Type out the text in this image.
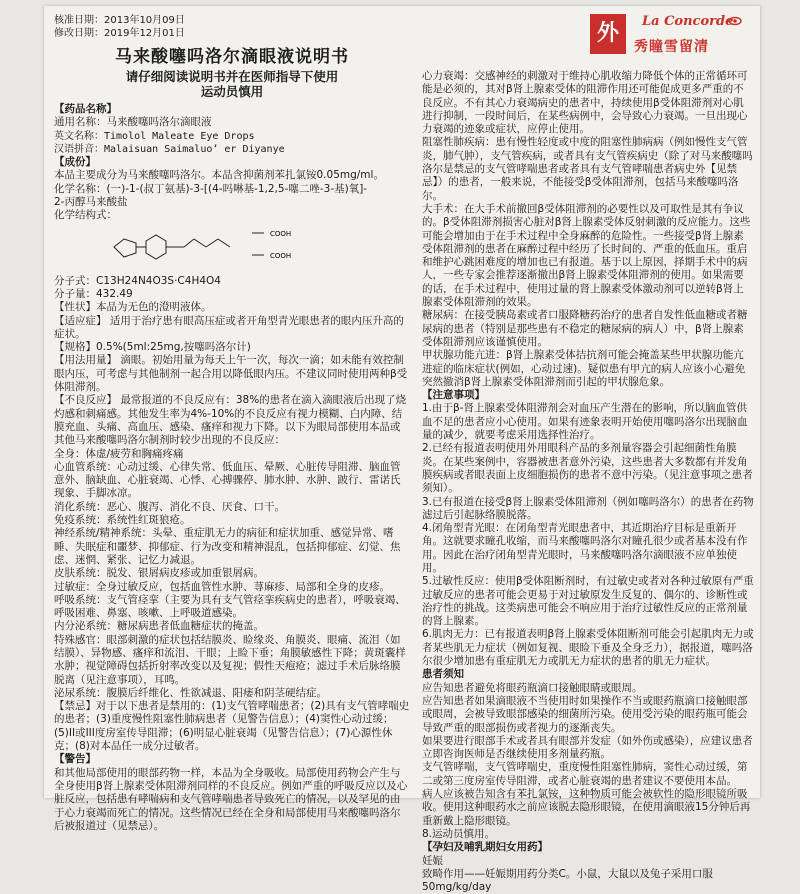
外	La Concorde
秀瞳雪留清
核准日期：2013年10月09日
修改日期：2019年12月01日
马来酸噻吗洛尔滴眼液说明书
请仔细阅读说明书并在医师指导下使用
运动员慎用
【药品名称】
通用名称：马来酸噻吗洛尔滴眼液
英文名称：Timolol Maleate Eye Drops
汉语拼音：Malaisuan Saimaluo’ er Diyanye
【成份】
本品主要成分为马来酸噻吗洛尔。本品含抑菌剂苯扎氯铵0.05mg/ml。
化学名称：(一)-1-(叔丁氨基)-3-[(4-吗啉基-1,2,5-噻二唑-3-基)氧]-
2-丙醇马来酸盐
化学结构式：
COOH
COOH
分子式：C13H24N4O3S·C4H4O4
分子量：432.49
【性状】本品为无色的澄明液体。
【适应症】 适用于治疗患有眼高压症或者开角型青光眼患者的眼内压升高的症状。
【规格】0.5%(5ml:25mg,按噻吗洛尔计)
【用法用量】 滴眼。初始用量为每天上午一次，每次一滴；如未能有效控制眼内压，可考虑与其他制剂一起合用以降低眼内压。不建议同时使用两种β受体阻滞剂。
【不良反应】 最常报道的不良反应有：38%的患者在滴入滴眼液后出现了烧灼感和刺痛感。其他发生率为4%-10%的不良反应有视力模糊、白内障、结膜充血、头痛、高血压、感染、瘙痒和视力下降。以下为眼局部使用本品或其他马来酸噻吗洛尔制剂时较少出现的不良反应：
全身：体虚/疲劳和胸痛疼痛
心血管系统：心动过缓、心律失常、低血压、晕厥、心脏传导阻滞、脑血管意外、脑缺血、心脏衰竭、心悸、心搏骤停、肺水肿、水肿、跛行、雷诺氏现象、手脚冰凉。
消化系统：恶心、腹泻、消化不良、厌食、口干。
免疫系统：系统性红斑狼疮。
神经系统/精神系统：头晕、重症肌无力的病征和症状加重、感觉异常、嗜睡、失眠症和噩梦、抑郁症、行为改变和精神混乱，包括抑郁症、幻觉、焦虑、迷惘、紧张、记忆力减退。
皮肤系统：脱发、银屑病皮疹或加重银屑病。
过敏症：全身过敏反应，包括血管性水肿、荨麻疹、局部和全身的皮疹。
呼吸系统：支气管痉挛（主要为具有支气管痉挛疾病史的患者），呼吸衰竭、呼吸困难、鼻塞、咳嗽、上呼吸道感染。
内分泌系统：糖尿病患者低血糖症状的掩盖。
特殊感官：眼部刺激的症状包括结膜炎、睑缘炎、角膜炎、眼痛、流泪（如结膜）、异物感、瘙痒和流泪、干眼；上睑下垂；角膜敏感性下降；黄斑囊样水肿；视觉障碍包括折射率改变以及复视；假性天疱疮；滤过手术后脉络膜脱离（见注意事项），耳鸣。
泌尿系统：腹膜后纤维化、性欲减退、阳痿和阴茎硬结症。
【禁忌】对于以下患者是禁用的：(1)支气管哮喘患者；(2)具有支气管哮喘史的患者；(3)重度慢性阻塞性肺病患者（见警告信息）；(4)窦性心动过缓；(5)II或III度房室传导阻滞；(6)明显心脏衰竭（见警告信息）；(7)心源性休克；(8)对本品任一成分过敏者。
【警告】
和其他局部使用的眼部药物一样，本品为全身吸收。局部使用药物会产生与全身使用β肾上腺素受体阻滞剂同样的不良反应。例如严重的呼吸反应以及心脏反应，包括患有哮喘病和支气管哮喘患者导致死亡的情况，以及罕见的由于心力衰竭而死亡的情况。这些情况已经在全身和局部使用马来酸噻吗洛尔后被报道过（见禁忌）。
心力衰竭：交感神经的刺激对于维持心肌收缩力降低个体的正常循环可能是必须的，其对β肾上腺素受体的阻滞作用还可能促成更多严重的不良反应。不有其心力衰竭病史的患者中，持续使用β受体阻滞剂对心肌进行抑制，一段时间后，在某些病例中，会导致心力衰竭。一旦出现心力衰竭的迹象或症状，应停止使用。
阻塞性肺疾病：患有慢性轻度或中度的阻塞性肺病病（例如慢性支气管炎，肺气肿），支气管疾病，或者具有支气管疾病史（除了对马来酸噻吗洛尔是禁忌的支气管哮喘患者或者具有支气管哮喘患者病史外【见禁忌】）的患者，一般来说，不能接受β受体阻滞剂，包括马来酸噻吗洛尔。
大手术：在大手术前撤回β受体阻滞剂的必要性以及可取性是其有争议的。β受体阻滞剂损害心脏对β肾上腺素受体反射刺激的反应能力。这些可能会增加由于在手术过程中全身麻醉的危险性。一些接受β肾上腺素受体阻滞剂的患者在麻醉过程中经历了长时间的、严重的低血压。重启和维护心跳困难度的增加也已有报道。基于以上原因，择期手术中的病人，一些专家会推荐逐渐撤出β肾上腺素受体阻滞剂的使用。如果需要的话，在手术过程中，使用过量的肾上腺素受体激动剂可以逆转β肾上腺素受体阻滞剂的效果。
糖尿病：在接受胰岛素或者口服降糖药治疗的患者自发性低血糖或者糖尿病的患者（特别是那些患有不稳定的糖尿病的病人）中，β肾上腺素受体阻滞剂应该谨慎使用。
甲状腺功能亢进：β肾上腺素受体拮抗剂可能会掩盖某些甲状腺功能亢进症的临床症状(例如，心动过速)。疑似患有甲亢的病人应该小心避免突然撤消β肾上腺素受体阻滞剂而引起的甲状腺危象。
【注意事项】
1.由于β-肾上腺素受体阻滞剂会对血压产生潜在的影响，所以脑血管供血不足的患者应小心使用。如果有迹象表明开始使用噻吗洛尔出现脑血量的减少，就要考虑采用选择性治疗。
2.已经有报道表明使用外用眼科产品的多剂量容器会引起细菌性角膜炎。在某些案例中，容器被患者意外污染，这些患者大多数都有并发角膜疾病或者眼表面上皮细胞损伤的患者不意中污染。（见注意事项之患者须知）。
3.已有报道在接受β肾上腺素受体阻滞剂（例如噻吗洛尔）的患者在药物滤过后引起脉络膜脱落。
4.闭角型青光眼：在闭角型青光眼患者中，其近期治疗目标是重新开角。这就要求瞳孔收缩，而马来酸噻吗洛尔对瞳孔很少或者基本没有作用。因此在治疗闭角型青光眼时，马来酸噻吗洛尔滴眼液不应单独使用。
5.过敏性反应：使用β受体阻断剂时，有过敏史或者对各种过敏原有严重过敏反应的患者可能会更易于对过敏原发生反复的、偶尔的、诊断性或治疗性的挑战。这类病患可能会不响应用于治疗过敏性反应的正常剂量的肾上腺素。
6.肌肉无力：已有报道表明β肾上腺素受体阻断剂可能会引起肌肉无力或者某些肌无力症状（例如复视、眼睑下垂及全身乏力），据报道，噻吗洛尔很少增加患有重症肌无力或肌无力症状的患者的肌无力症状。
患者须知
应告知患者避免将眼药瓶滴口接触眼睛或眼周。
应告知患者如果滴眼液不当使用时如果操作不当或眼药瓶滴口接触眼部或眼周，会被导致眼部感染的细菌所污染。使用受污染的眼药瓶可能会导致严重的眼部损伤或者视力的逐渐丧失。
如果要进行眼部手术或者具有眼部并发症（如外伤或感染），应建议患者立即咨询医师是否继续使用多剂量药瓶。
支气管哮喘，支气管哮喘史，重度慢性阻塞性肺病，窦性心动过缓，第二或第三度房室传导阻滞，或者心脏衰竭的患者建议不要使用本品。
病人应该被告知含有苯扎氯铵，这种物质可能会被软性的隐形眼镜所吸收。使用这种眼药水之前应该脱去隐形眼镜，在使用滴眼液15分钟后再重新戴上隐形眼镜。
8.运动员慎用。
【孕妇及哺乳期妇女用药】
妊娠
致畸作用——妊娠期用药分类C。小鼠，大鼠以及兔子采用口服50mg/kg/day
